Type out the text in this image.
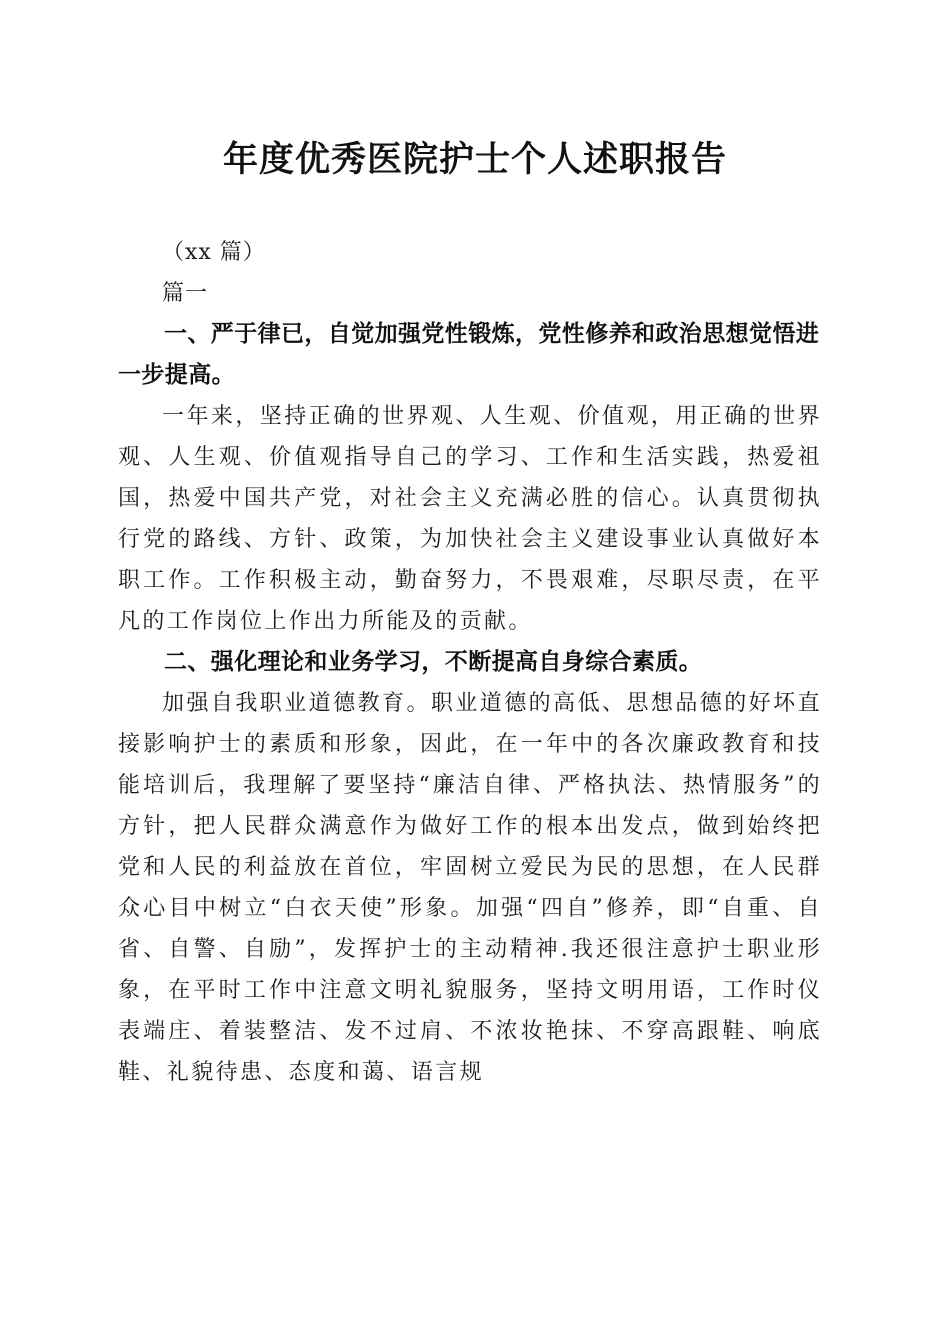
年度优秀医院护士个人述职报告

（xx 篇）

篇一

一、严于律已，自觉加强党性锻炼，党性修养和政治思想觉悟进一步提高。

一年来，坚持正确的世界观、人生观、价值观，用正确的世界观、人生观、价值观指导自己的学习、工作和生活实践，热爱祖国，热爱中国共产党，对社会主义充满必胜的信心。认真贯彻执行党的路线、方针、政策，为加快社会主义建设事业认真做好本职工作。工作积极主动，勤奋努力，不畏艰难，尽职尽责，在平凡的工作岗位上作出力所能及的贡献。

二、强化理论和业务学习，不断提高自身综合素质。

加强自我职业道德教育。职业道德的高低、思想品德的好坏直接影响护士的素质和形象，因此，在一年中的各次廉政教育和技能培训后，我理解了要坚持“廉洁自律、严格执法、热情服务”的方针，把人民群众满意作为做好工作的根本出发点，做到始终把党和人民的利益放在首位，牢固树立爱民为民的思想，在人民群众心目中树立“白衣天使”形象。加强“四自”修养，即“自重、自省、自警、自励”，发挥护士的主动精神.我还很注意护士职业形象，在平时工作中注意文明礼貌服务，坚持文明用语，工作时仪表端庄、着装整洁、发不过肩、不浓妆艳抹、不穿高跟鞋、响底鞋、礼貌待患、态度和蔼、语言规
